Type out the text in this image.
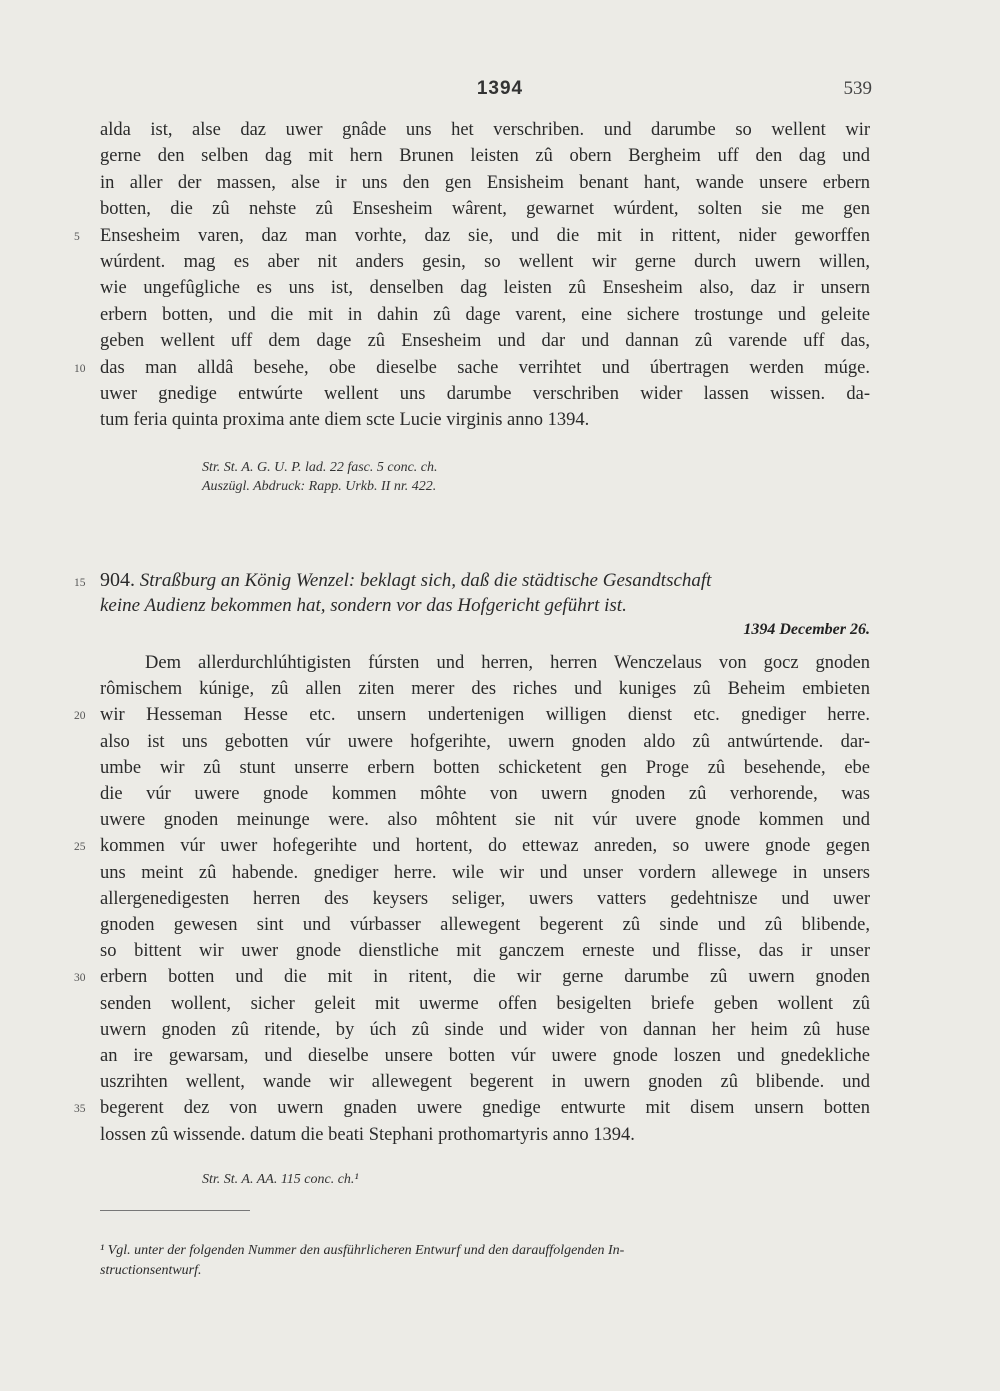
1394	539
alda ist, alse daz uwer gnâde uns het verschriben. und darumbe so wellent wir
gerne den selben dag mit hern Brunen leisten zû obern Bergheim uff den dag und
in aller der massen, alse ir uns den gen Ensisheim benant hant, wande unsere erbern
botten, die zû nehste zû Ensesheim wârent, gewarnet wúrdent, solten sie me gen
Ensesheim varen, daz man vorhte, daz sie, und die mit in rittent, nider geworffen
5
wúrdent. mag es aber nit anders gesin, so wellent wir gerne durch uwern willen,
wie ungefûgliche es uns ist, denselben dag leisten zû Ensesheim also, daz ir unsern
erbern botten, und die mit in dahin zû dage varent, eine sichere trostunge und geleite
geben wellent uff dem dage zû Ensesheim und dar und dannan zû varende uff das,
das man alldâ besehe, obe dieselbe sache verrihtet und úbertragen werden múge.
10
uwer gnedige entwúrte wellent uns darumbe verschriben wider lassen wissen. da-
tum feria quinta proxima ante diem scte Lucie virginis anno 1394.
Str. St. A. G. U. P. lad. 22 fasc. 5 conc. ch.
Auszügl. Abdruck: Rapp. Urkb. II nr. 422.
15 904. Straßburg an König Wenzel: beklagt sich, daß die städtische Gesandtschaft
keine Audienz bekommen hat, sondern vor das Hofgericht geführt ist.
1394 December 26.
Dem allerdurchlúhtigisten fúrsten und herren, herren Wenczelaus von gocz gnoden
rômischem kúnige, zû allen ziten merer des riches und kuniges zû Beheim embieten
wir Hesseman Hesse etc. unsern undertenigen willigen dienst etc. gnediger herre.
20
also ist uns gebotten vúr uwere hofgerihte, uwern gnoden aldo zû antwúrtende. dar-
umbe wir zû stunt unserre erbern botten schicketent gen Proge zû besehende, ebe
die vúr uwere gnode kommen môhte von uwern gnoden zû verhorende, was
uwere gnoden meinunge were. also môhtent sie nit vúr uvere gnode kommen und
kommen vúr uwer hofegerihte und hortent, do ettewaz anreden, so uwere gnode gegen
25
uns meint zû habende. gnediger herre. wile wir und unser vordern allewege in unsers
allergenedigesten herren des keysers seliger, uwers vatters gedehtnisze und uwer
gnoden gewesen sint und vúrbasser allewegent begerent zû sinde und zû blibende,
so bittent wir uwer gnode dienstliche mit ganczem erneste und flisse, das ir unser
erbern botten und die mit in ritent, die wir gerne darumbe zû uwern gnoden
30
senden wollent, sicher geleit mit uwerme offen besigelten briefe geben wollent zû
uwern gnoden zû ritende, by úch zû sinde und wider von dannan her heim zû huse
an ire gewarsam, und dieselbe unsere botten vúr uwere gnode loszen und gnedekliche
uszrihten wellent, wande wir allewegent begerent in uwern gnoden zû blibende. und
begerent dez von uwern gnaden uwere gnedige entwurte mit disem unsern botten
35
lossen zû wissende. datum die beati Stephani prothomartyris anno 1394.
Str. St. A. AA. 115 conc. ch.¹
¹ Vgl. unter der folgenden Nummer den ausführlicheren Entwurf und den darauffolgenden In-
structionsentwurf.
